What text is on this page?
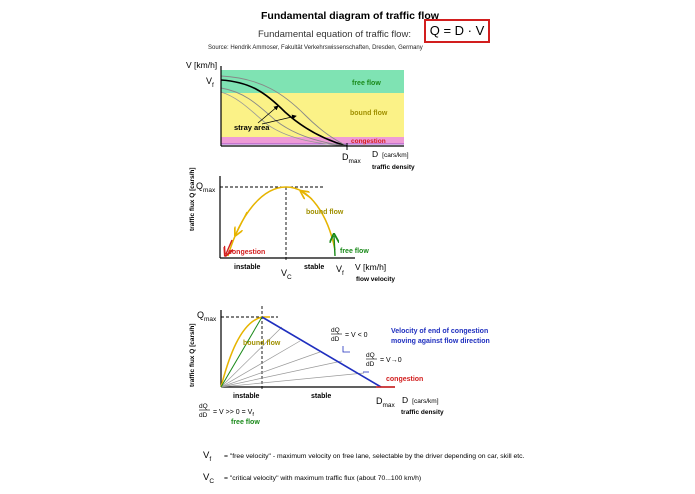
Fundamental diagram of traffic flow
Fundamental equation of traffic flow:	Q = D · V
Source: Hendrik Ammoser, Fakultät Verkehrswissenschaften, Dresden, Germany
stray area
free flow
bound flow
congestion
V [km/h]
$V_f$
$D_{max}$
D [cars/km]
traffic density
traffic flux Q [cars/h] $Q_{max}$
bound flow
free flow
congestion
instable	stable
$V_C$
$V_f$
V [km/h]
flow velocity
traffic flux Q [cars/h]
$Q_{max}$
bound flow
dQ
dD
= V < 0
dQ
dD
= V→0
Velocity of end of congestion
moving against flow direction
congestion
instable	stable
dQ
dD = $V >> 0 = V_f$
free flow
$D_{max}$
D [cars/km]
traffic density
$V_f$ = "free velocity" - maximum velocity on free lane, selectable by the driver depending on car, skill etc.
$V_C$ = "critical velocity" with maximum traffic flux (about 70...100 km/h)
